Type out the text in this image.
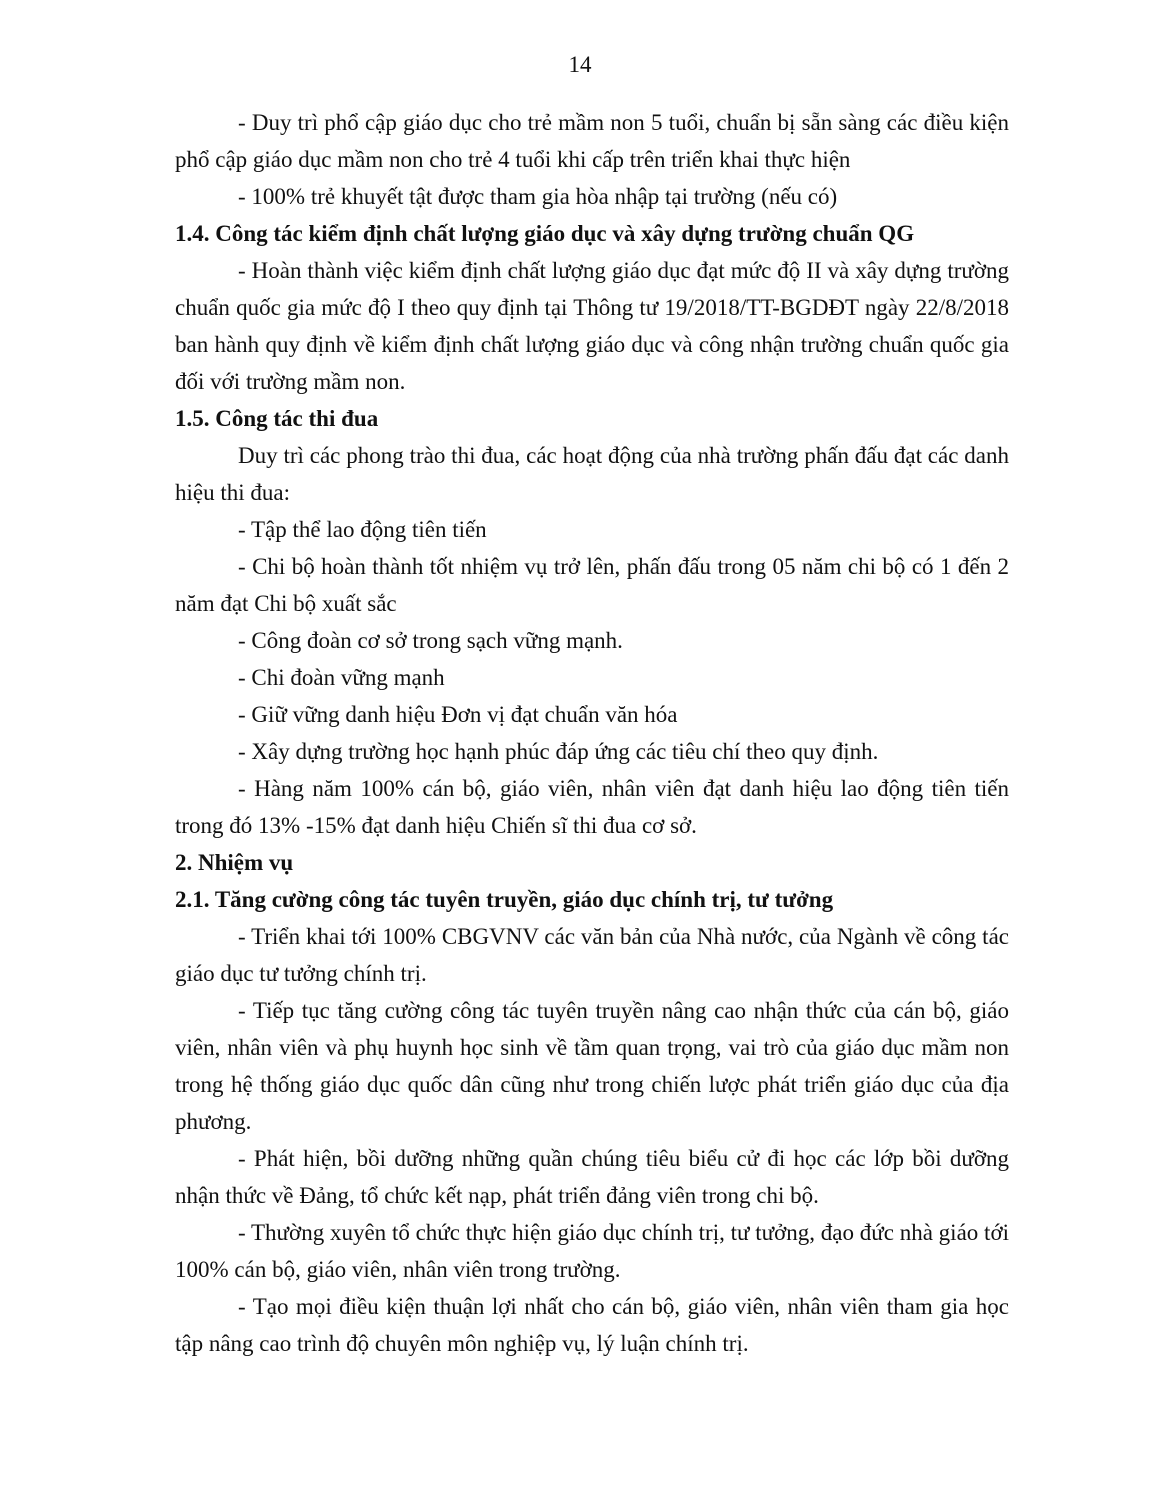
14

- Duy trì phổ cập giáo dục cho trẻ mầm non 5 tuổi, chuẩn bị sẵn sàng các điều kiện phổ cập giáo dục mầm non cho trẻ 4 tuổi khi cấp trên triển khai thực hiện

- 100% trẻ khuyết tật được tham gia hòa nhập tại trường (nếu có)

1.4. Công tác kiểm định chất lượng giáo dục và xây dựng trường chuẩn QG

- Hoàn thành việc kiểm định chất lượng giáo dục đạt mức độ II và xây dựng trường chuẩn quốc gia mức độ I theo quy định tại Thông tư 19/2018/TT-BGDĐT ngày 22/8/2018 ban hành quy định về kiểm định chất lượng giáo dục và công nhận trường chuẩn quốc gia đối với trường mầm non.

1.5. Công tác thi đua

Duy trì các phong trào thi đua, các hoạt động của nhà trường phấn đấu đạt các danh hiệu thi đua:

- Tập thể lao động tiên tiến

- Chi bộ hoàn thành tốt nhiệm vụ trở lên, phấn đấu trong 05 năm chi bộ có 1 đến 2 năm đạt Chi bộ xuất sắc

- Công đoàn cơ sở trong sạch vững mạnh.

- Chi đoàn vững mạnh

- Giữ vững danh hiệu Đơn vị đạt chuẩn văn hóa

- Xây dựng trường học hạnh phúc đáp ứng các tiêu chí theo quy định.

- Hàng năm 100% cán bộ, giáo viên, nhân viên đạt danh hiệu lao động tiên tiến trong đó 13% -15% đạt danh hiệu Chiến sĩ thi đua cơ sở.

2. Nhiệm vụ

2.1. Tăng cường công tác tuyên truyền, giáo dục chính trị, tư tưởng

- Triển khai tới 100% CBGVNV các văn bản của Nhà nước, của Ngành về công tác giáo dục tư tưởng chính trị.

- Tiếp tục tăng cường công tác tuyên truyền nâng cao nhận thức của cán bộ, giáo viên, nhân viên và phụ huynh học sinh về tầm quan trọng, vai trò của giáo dục mầm non trong hệ thống giáo dục quốc dân cũng như trong chiến lược phát triển giáo dục của địa phương.

- Phát hiện, bồi dưỡng những quần chúng tiêu biểu cử đi học các lớp bồi dưỡng nhận thức về Đảng, tổ chức kết nạp, phát triển đảng viên trong chi bộ.

- Thường xuyên tổ chức thực hiện giáo dục chính trị, tư tưởng, đạo đức nhà giáo tới 100% cán bộ, giáo viên, nhân viên trong trường.

- Tạo mọi điều kiện thuận lợi nhất cho cán bộ, giáo viên, nhân viên tham gia học tập nâng cao trình độ chuyên môn nghiệp vụ, lý luận chính trị.
